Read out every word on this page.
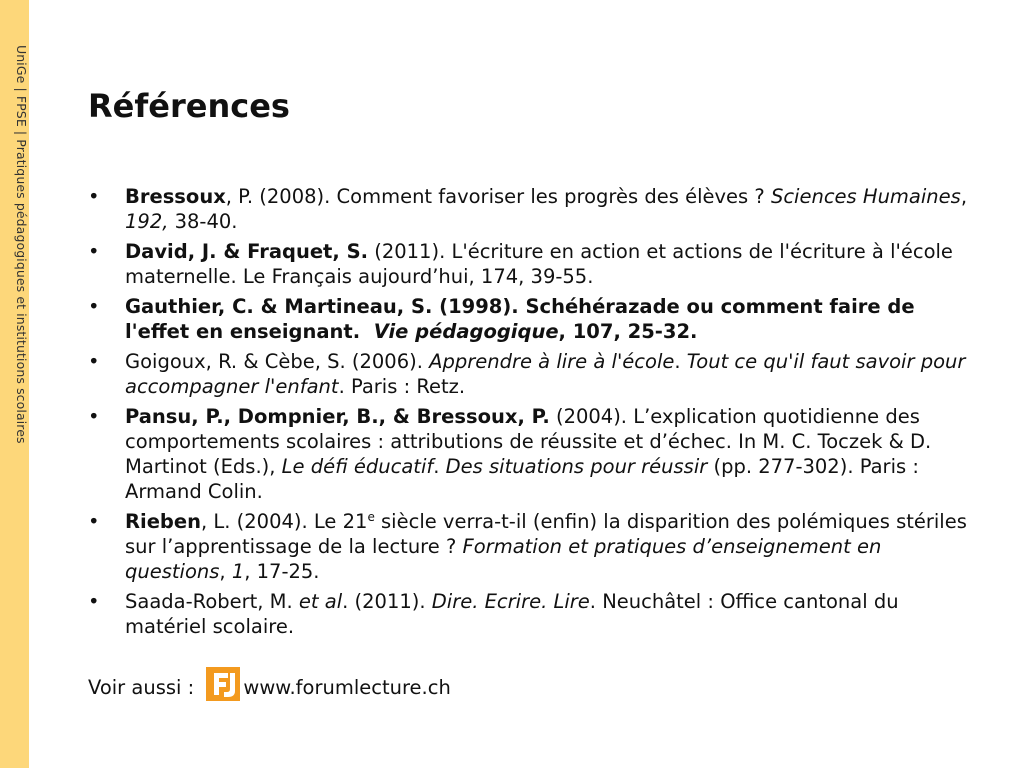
UniGe | FPSE | Pratiques pédagogiques et institutions scolaires Références
• Bressoux, P. (2008). Comment favoriser les progrès des élèves ? Sciences Humaines, 192, 38-40.
• David, J. & Fraquet, S. (2011). L'écriture en action et actions de l'écriture à l'école maternelle. Le Français aujourd’hui, 174, 39-55.
• Gauthier, C. & Martineau, S. (1998). Schéhérazade ou comment faire de l'effet en enseignant.  Vie pédagogique, 107, 25-32.
• Goigoux, R. & Cèbe, S. (2006). Apprendre à lire à l'école. Tout ce qu'il faut savoir pour accompagner l'enfant. Paris : Retz.
• Pansu, P., Dompnier, B., & Bressoux, P. (2004). L’explication quotidienne des comportements scolaires : attributions de réussite et d’échec. In M. C. Toczek & D. Martinot (Eds.), Le défi éducatif. Des situations pour réussir (pp. 277-302). Paris : Armand Colin.
• Rieben, L. (2004). Le 21e siècle verra-t-il (enfin) la disparition des polémiques stériles sur l’apprentissage de la lecture ? Formation et pratiques d’enseignement en questions, 1, 17-25.
• Saada-Robert, M. et al. (2011). Dire. Ecrire. Lire. Neuchâtel : Office cantonal du matériel scolaire.
Voir aussi : www.forumlecture.ch
